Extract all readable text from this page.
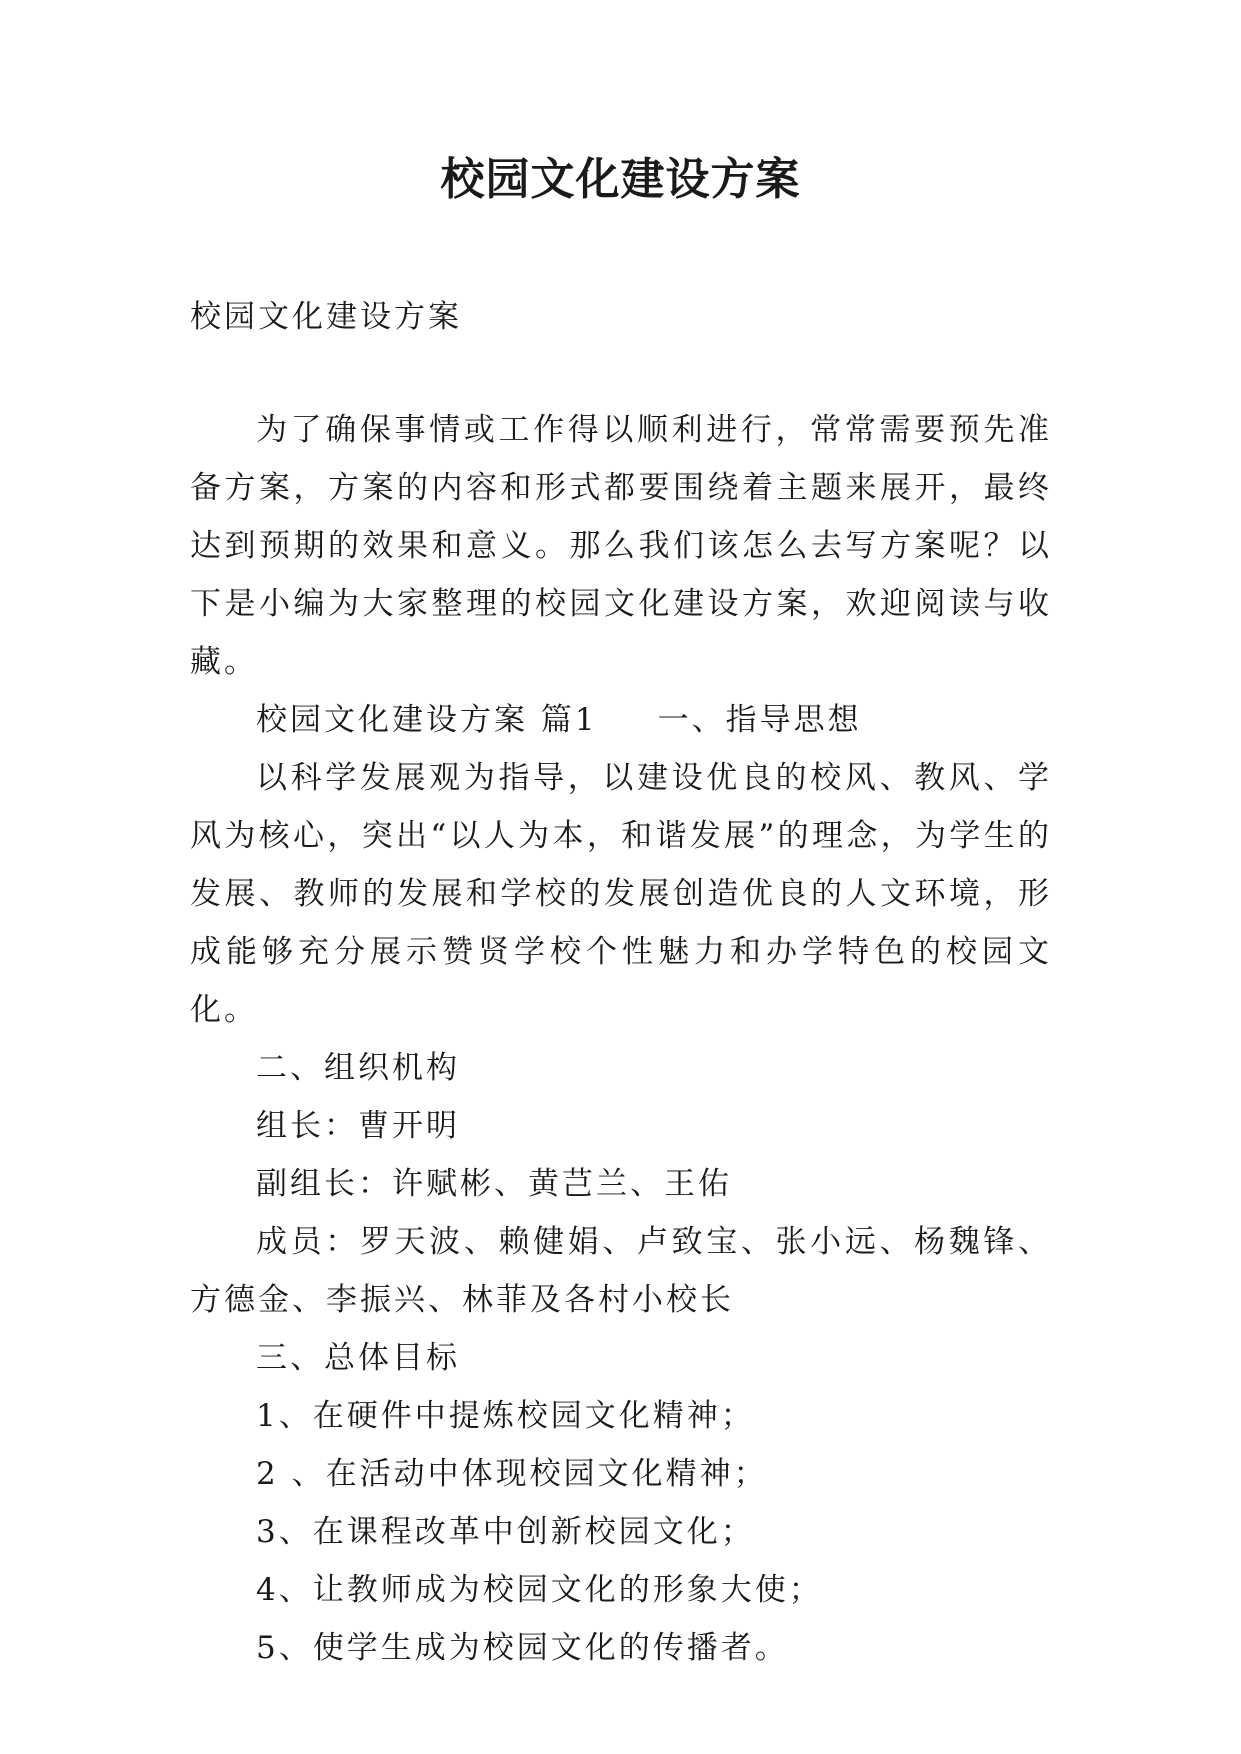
校园文化建设方案

校园文化建设方案

为了确保事情或工作得以顺利进行，常常需要预先准备方案，方案的内容和形式都要围绕着主题来展开，最终达到预期的效果和意义。那么我们该怎么去写方案呢？以下是小编为大家整理的校园文化建设方案，欢迎阅读与收藏。

校园文化建设方案 篇1 一、指导思想

以科学发展观为指导，以建设优良的校风、教风、学风为核心，突出“以人为本，和谐发展”的理念，为学生的发展、教师的发展和学校的发展创造优良的人文环境，形成能够充分展示赞贤学校个性魅力和办学特色的校园文化。

二、组织机构

组长：曹开明

副组长：许赋彬、黄芑兰、王佑

成员：罗天波、赖健娟、卢致宝、张小远、杨魏锋、方德金、李振兴、林菲及各村小校长

三、总体目标

1、在硬件中提炼校园文化精神；

2 、在活动中体现校园文化精神；

3、在课程改革中创新校园文化；

4、让教师成为校园文化的形象大使；

5、使学生成为校园文化的传播者。
